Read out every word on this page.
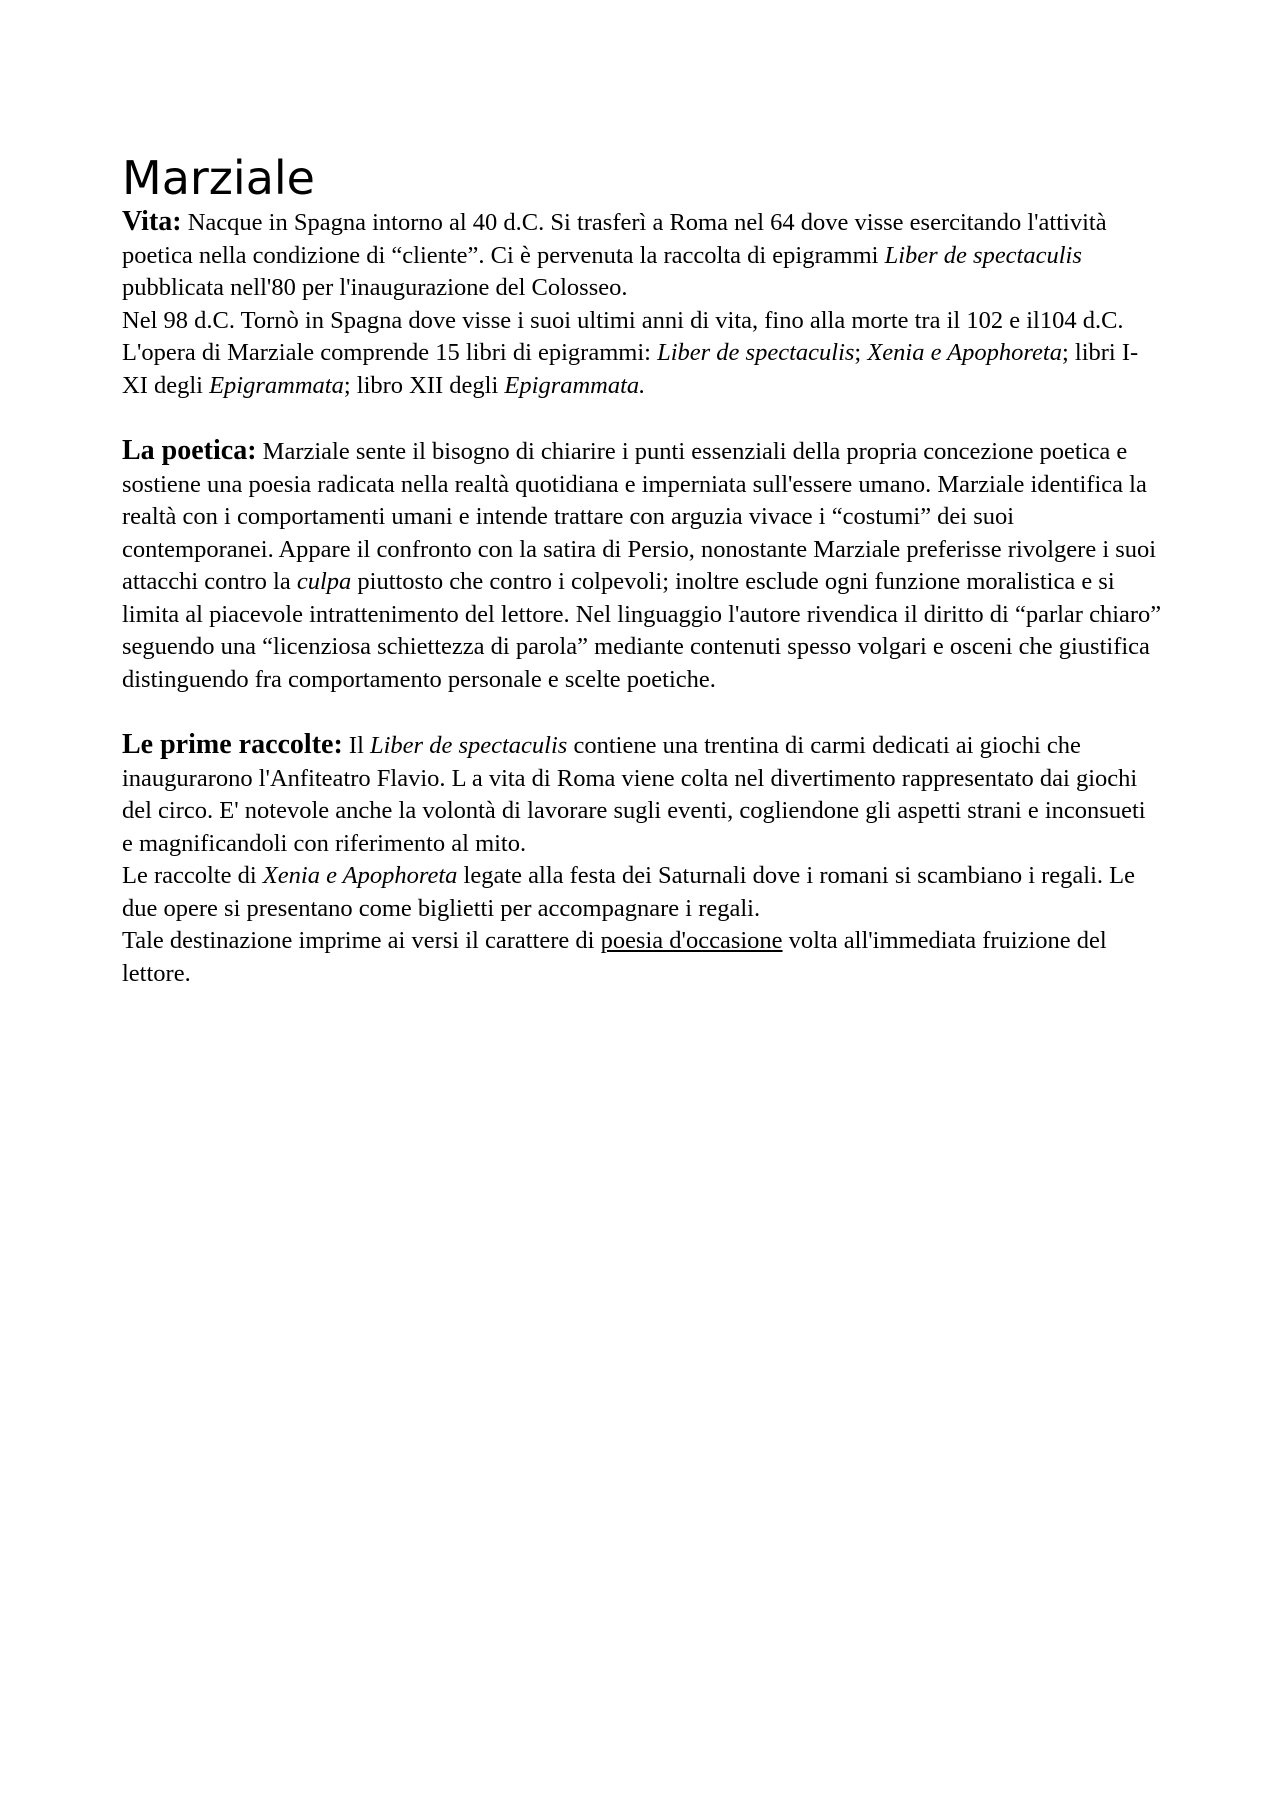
Marziale

Vita: Nacque in Spagna intorno al 40 d.C. Si trasferì a Roma nel 64 dove visse esercitando l'attività poetica nella condizione di “cliente”. Ci è pervenuta la raccolta di epigrammi Liber de spectaculis pubblicata nell'80 per l'inaugurazione del Colosseo.

Nel 98 d.C. Tornò in Spagna dove visse i suoi ultimi anni di vita, fino alla morte tra il 102 e il104 d.C. L'opera di Marziale comprende 15 libri di epigrammi: Liber de spectaculis; Xenia e Apophoreta; libri I-XI degli Epigrammata; libro XII degli Epigrammata.

La poetica: Marziale sente il bisogno di chiarire i punti essenziali della propria concezione poetica e sostiene una poesia radicata nella realtà quotidiana e imperniata sull'essere umano. Marziale identifica la realtà con i comportamenti umani e intende trattare con arguzia vivace i “costumi” dei suoi contemporanei. Appare il confronto con la satira di Persio, nonostante Marziale preferisse rivolgere i suoi attacchi contro la culpa piuttosto che contro i colpevoli; inoltre esclude ogni funzione moralistica e si limita al piacevole intrattenimento del lettore. Nel linguaggio l'autore rivendica il diritto di “parlar chiaro” seguendo una “licenziosa schiettezza di parola” mediante contenuti spesso volgari e osceni che giustifica distinguendo fra comportamento personale e scelte poetiche.

Le prime raccolte: Il Liber de spectaculis contiene una trentina di carmi dedicati ai giochi che inaugurarono l'Anfiteatro Flavio. L a vita di Roma viene colta nel divertimento rappresentato dai giochi del circo. E' notevole anche la volontà di lavorare sugli eventi, cogliendone gli aspetti strani e inconsueti e magnificandoli con riferimento al mito.

Le raccolte di Xenia e Apophoreta legate alla festa dei Saturnali dove i romani si scambiano i regali. Le due opere si presentano come biglietti per accompagnare i regali.

Tale destinazione imprime ai versi il carattere di poesia d'occasione volta all'immediata fruizione del lettore.
